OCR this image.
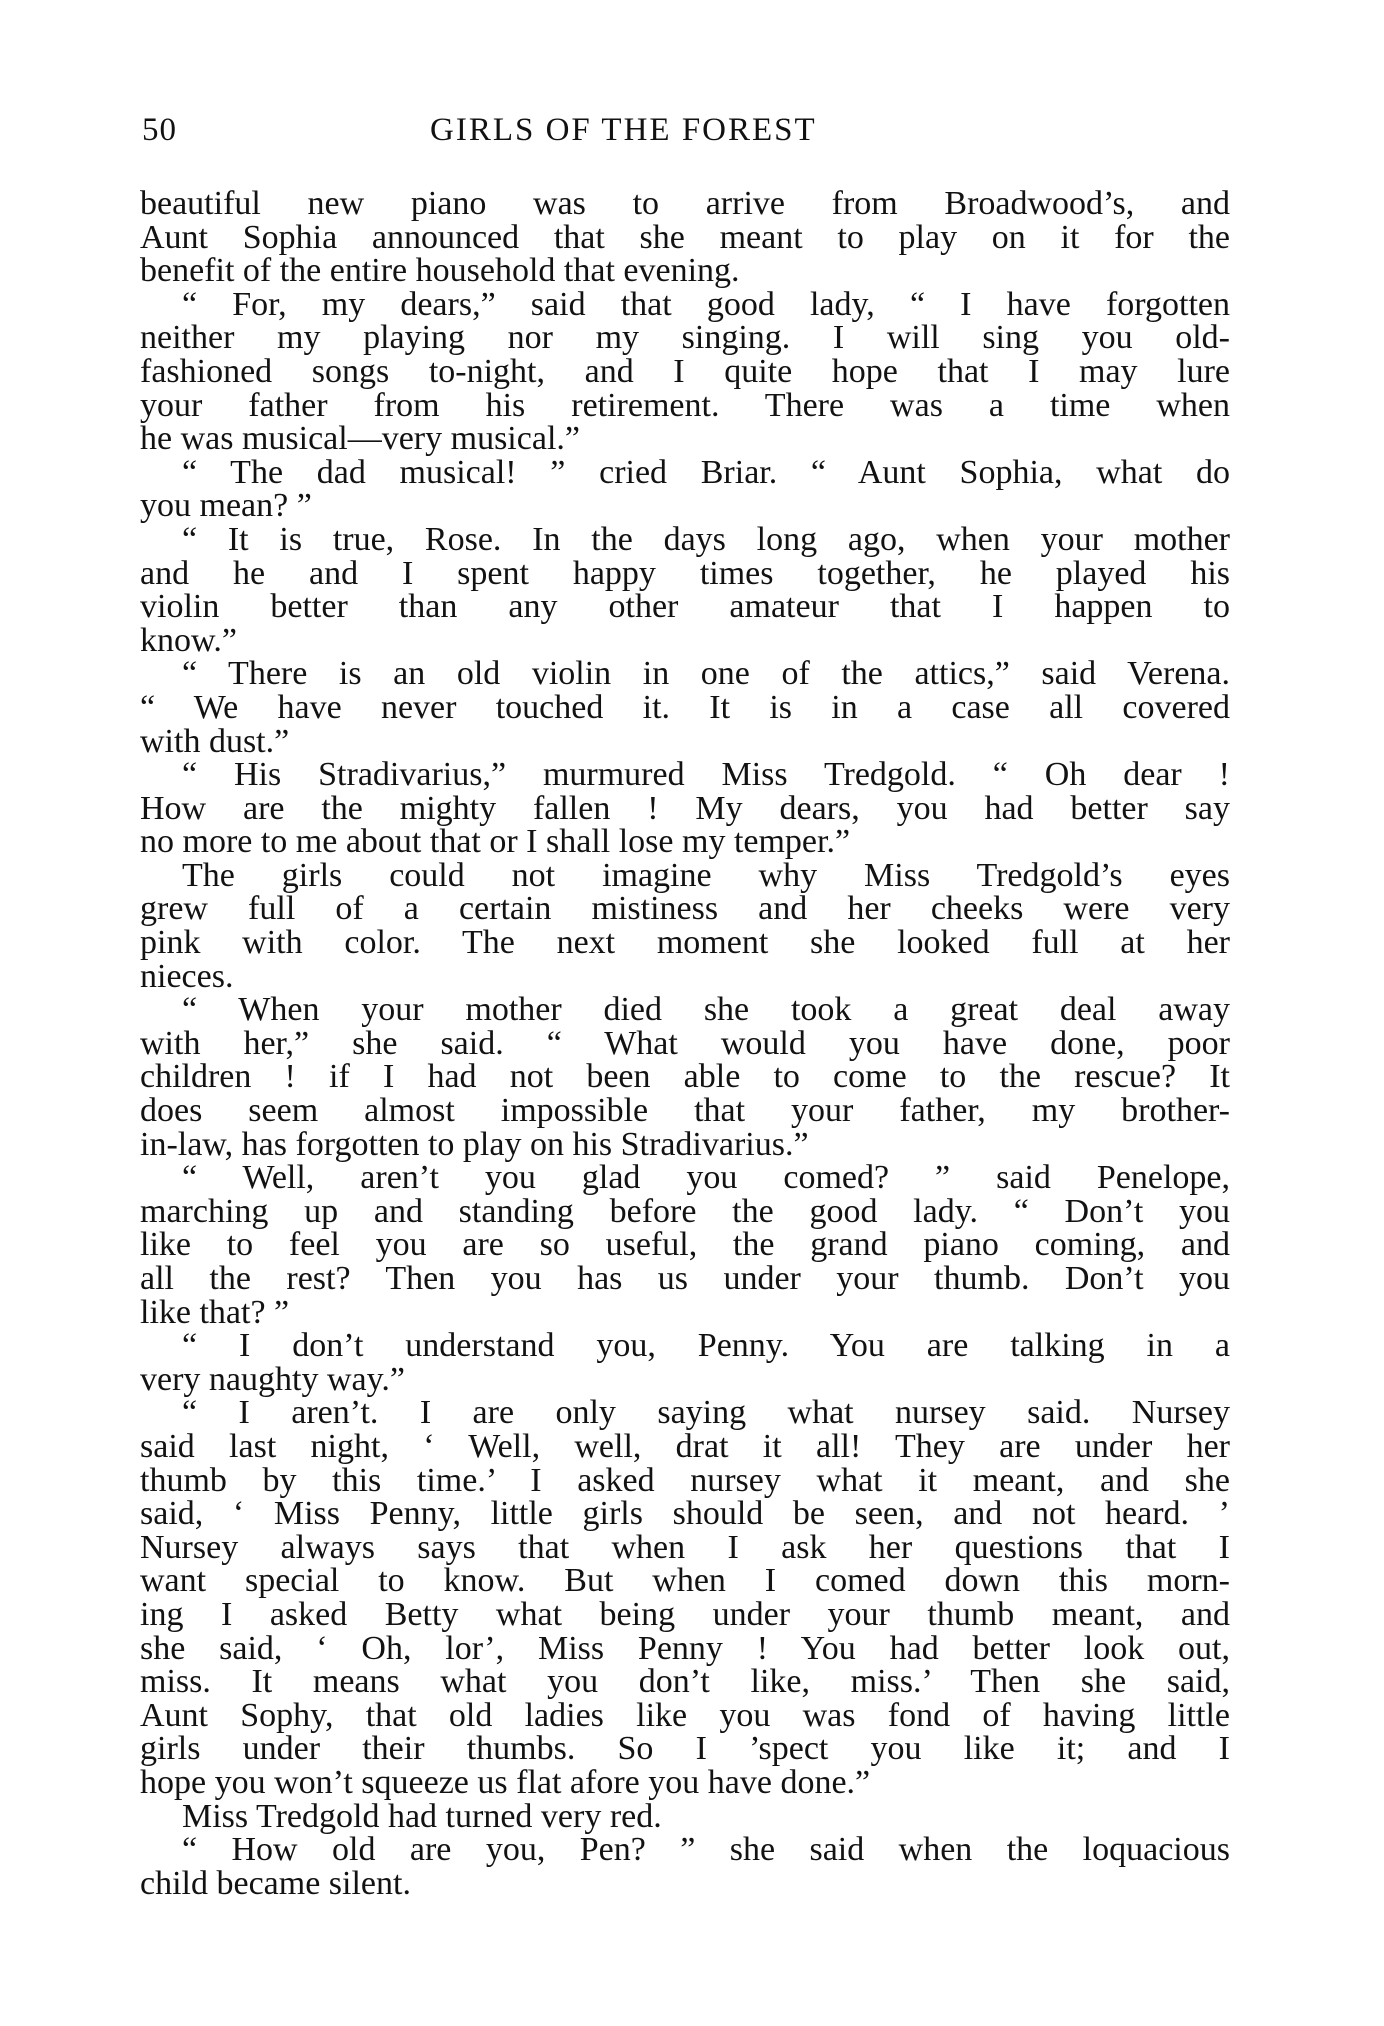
50	GIRLS OF THE FOREST
beautiful new piano was to arrive from Broadwood’s, and
Aunt Sophia announced that she meant to play on it for the
benefit of the entire household that evening.
“ For, my dears,” said that good lady, “ I have forgotten
neither my playing nor my singing. I will sing you old-
fashioned songs to-night, and I quite hope that I may lure
your father from his retirement. There was a time when
he was musical—very musical.”
“ The dad musical! ” cried Briar. “ Aunt Sophia, what do
you mean? ”
“ It is true, Rose. In the days long ago, when your mother
and he and I spent happy times together, he played his
violin better than any other amateur that I happen to
know.”
“ There is an old violin in one of the attics,” said Verena.
“ We have never touched it. It is in a case all covered
with dust.”
“ His Stradivarius,” murmured Miss Tredgold. “ Oh dear !
How are the mighty fallen ! My dears, you had better say
no more to me about that or I shall lose my temper.”
The girls could not imagine why Miss Tredgold’s eyes
grew full of a certain mistiness and her cheeks were very
pink with color. The next moment she looked full at her
nieces.
“ When your mother died she took a great deal away
with her,” she said. “ What would you have done, poor
children ! if I had not been able to come to the rescue? It
does seem almost impossible that your father, my brother-
in-law, has forgotten to play on his Stradivarius.”
“ Well, aren’t you glad you comed? ” said Penelope,
marching up and standing before the good lady. “ Don’t you
like to feel you are so useful, the grand piano coming, and
all the rest? Then you has us under your thumb. Don’t you
like that? ”
“ I don’t understand you, Penny. You are talking in a
very naughty way.”
“ I aren’t. I are only saying what nursey said. Nursey
said last night, ‘ Well, well, drat it all! They are under her
thumb by this time.’ I asked nursey what it meant, and she
said, ‘ Miss Penny, little girls should be seen, and not heard. ’
Nursey always says that when I ask her questions that I
want special to know. But when I comed down this morn-
ing I asked Betty what being under your thumb meant, and
she said, ‘ Oh, lor’, Miss Penny ! You had better look out,
miss. It means what you don’t like, miss.’ Then she said,
Aunt Sophy, that old ladies like you was fond of having little
girls under their thumbs. So I ’spect you like it; and I
hope you won’t squeeze us flat afore you have done.”
Miss Tredgold had turned very red.
“ How old are you, Pen? ” she said when the loquacious
child became silent.
